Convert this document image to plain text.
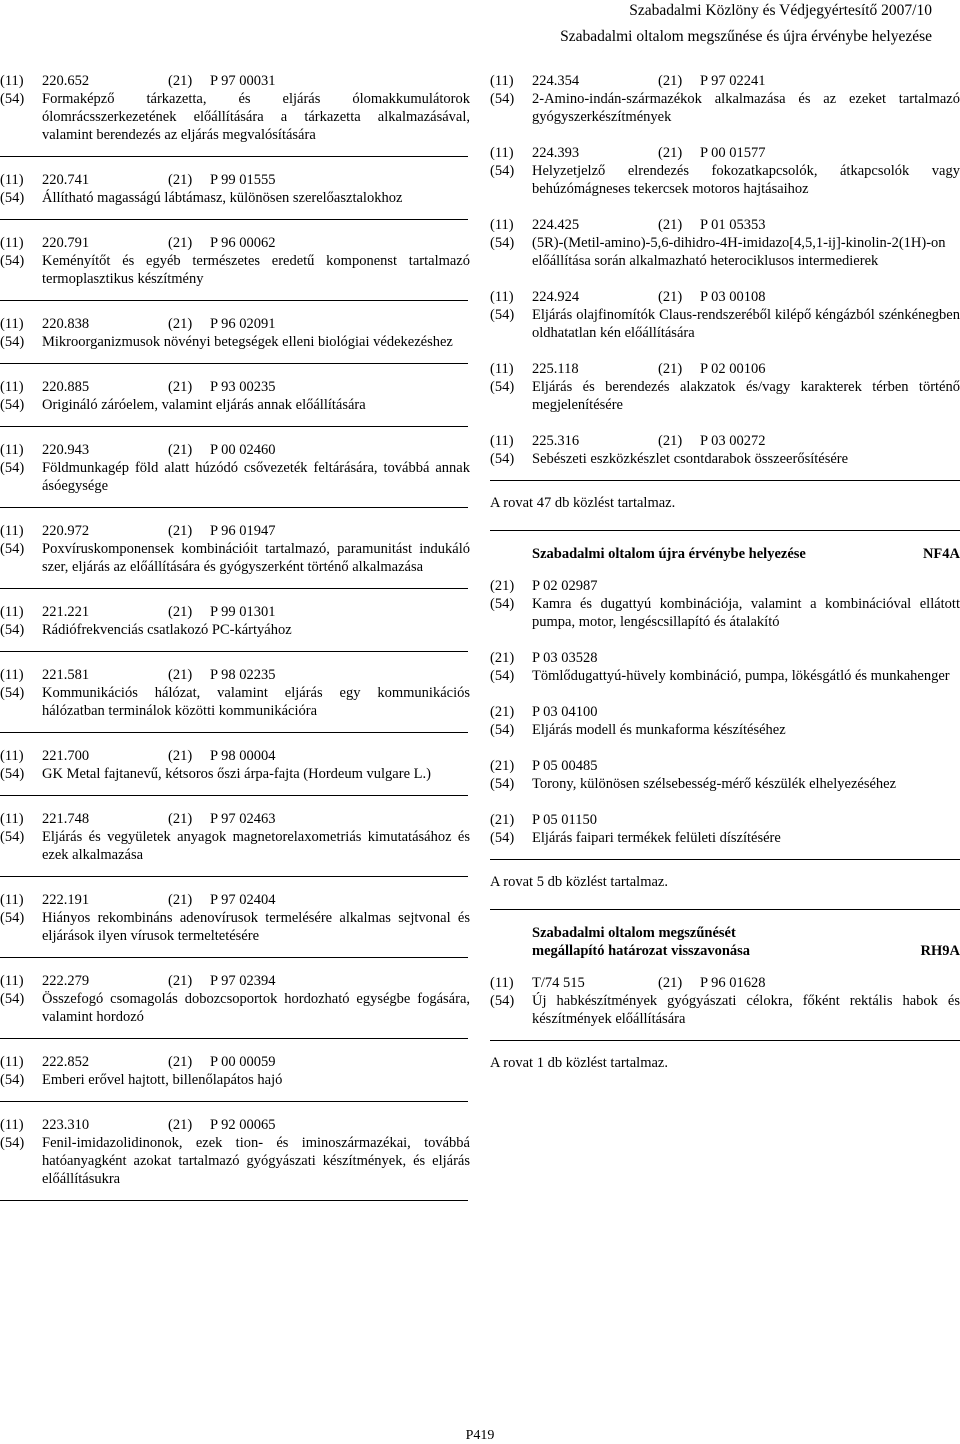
Szabadalmi Közlöny és Védjegyértesítő 2007/10
Szabadalmi oltalom megszűnése és újra érvénybe helyezése
(11)	220.652	(21)	P 97 00031
(54)	Formaképző tárkazetta, és eljárás ólomakkumulátorok ólomrácsszerkezetének előállítására a tárkazetta alkalmazásával, valamint berendezés az eljárás megvalósítására
(11)	220.741	(21)	P 99 01555
(54)	Állítható magasságú lábtámasz, különösen szerelőasztalokhoz
(11)	220.791	(21)	P 96 00062
(54)	Keményítőt és egyéb természetes eredetű komponenst tartalmazó termoplasztikus készítmény
(11)	220.838	(21)	P 96 02091
(54)	Mikroorganizmusok növényi betegségek elleni biológiai védekezéshez
(11)	220.885	(21)	P 93 00235
(54)	Origináló záróelem, valamint eljárás annak előállítására
(11)	220.943	(21)	P 00 02460
(54)	Földmunkagép föld alatt húzódó csővezeték feltárására, továbbá annak ásóegysége
(11)	220.972	(21)	P 96 01947
(54)	Poxvíruskomponensek kombinációit tartalmazó, paramunitást indukáló szer, eljárás az előállítására és gyógyszerként történő alkalmazása
(11)	221.221	(21)	P 99 01301
(54)	Rádiófrekvenciás csatlakozó PC-kártyához
(11)	221.581	(21)	P 98 02235
(54)	Kommunikációs hálózat, valamint eljárás egy kommunikációs hálózatban terminálok közötti kommunikációra
(11)	221.700	(21)	P 98 00004
(54)	GK Metal fajtanevű, kétsoros őszi árpa-fajta (Hordeum vulgare L.)
(11)	221.748	(21)	P 97 02463
(54)	Eljárás és vegyületek anyagok magnetorelaxometriás kimutatásához és ezek alkalmazása
(11)	222.191	(21)	P 97 02404
(54)	Hiányos rekombináns adenovírusok termelésére alkalmas sejtvonal és eljárások ilyen vírusok termeltetésére
(11)	222.279	(21)	P 97 02394
(54)	Összefogó csomagolás dobozcsoportok hordozható egységbe fogására, valamint hordozó
(11)	222.852	(21)	P 00 00059
(54)	Emberi erővel hajtott, billenőlapátos hajó
(11)	223.310	(21)	P 92 00065
(54)	Fenil-imidazolidinonok, ezek tion- és iminoszármazékai, továbbá hatóanyagként azokat tartalmazó gyógyászati készítmények, és eljárás előállításukra
(11)	224.354	(21)	P 97 02241
(54)	2-Amino-indán-származékok alkalmazása és az ezeket tartalmazó gyógyszerkészítmények
(11)	224.393	(21)	P 00 01577
(54)	Helyzetjelző elrendezés fokozatkapcsolók, átkapcsolók vagy behúzómágneses tekercsek motoros hajtásaihoz
(11)	224.425	(21)	P 01 05353
(54)	(5R)-(Metil-amino)-5,6-dihidro-4H-imidazo[4,5,1-ij]-kinolin-2(1H)-on előállítása során alkalmazható heterociklusos intermedierek
(11)	224.924	(21)	P 03 00108
(54)	Eljárás olajfinomítók Claus-rendszeréből kilépő kéngázból szénkénegben oldhatatlan kén előállítására
(11)	225.118	(21)	P 02 00106
(54)	Eljárás és berendezés alakzatok és/vagy karakterek térben történő megjelenítésére
(11)	225.316	(21)	P 03 00272
(54)	Sebészeti eszközkészlet csontdarabok összeerősítésére
A rovat 47 db közlést tartalmaz.
Szabadalmi oltalom újra érvénybe helyezése	NF4A
(21)	P 02 02987
(54)	Kamra és dugattyú kombinációja, valamint a kombinációval ellátott pumpa, motor, lengéscsillapító és átalakító
(21)	P 03 03528
(54)	Tömlődugattyú-hüvely kombináció, pumpa, lökésgátló és munkahenger
(21)	P 03 04100
(54)	Eljárás modell és munkaforma készítéséhez
(21)	P 05 00485
(54)	Torony, különösen szélsebesség-mérő készülék elhelyezéséhez
(21)	P 05 01150
(54)	Eljárás faipari termékek felületi díszítésére
A rovat 5 db közlést tartalmaz.
Szabadalmi oltalom megszűnését
megállapító határozat visszavonása	RH9A
(11)	T/74 515	(21)	P 96 01628
(54)	Új habkészítmények gyógyászati célokra, főként rektális habok és készítmények előállítására
A rovat 1 db közlést tartalmaz.
P419
